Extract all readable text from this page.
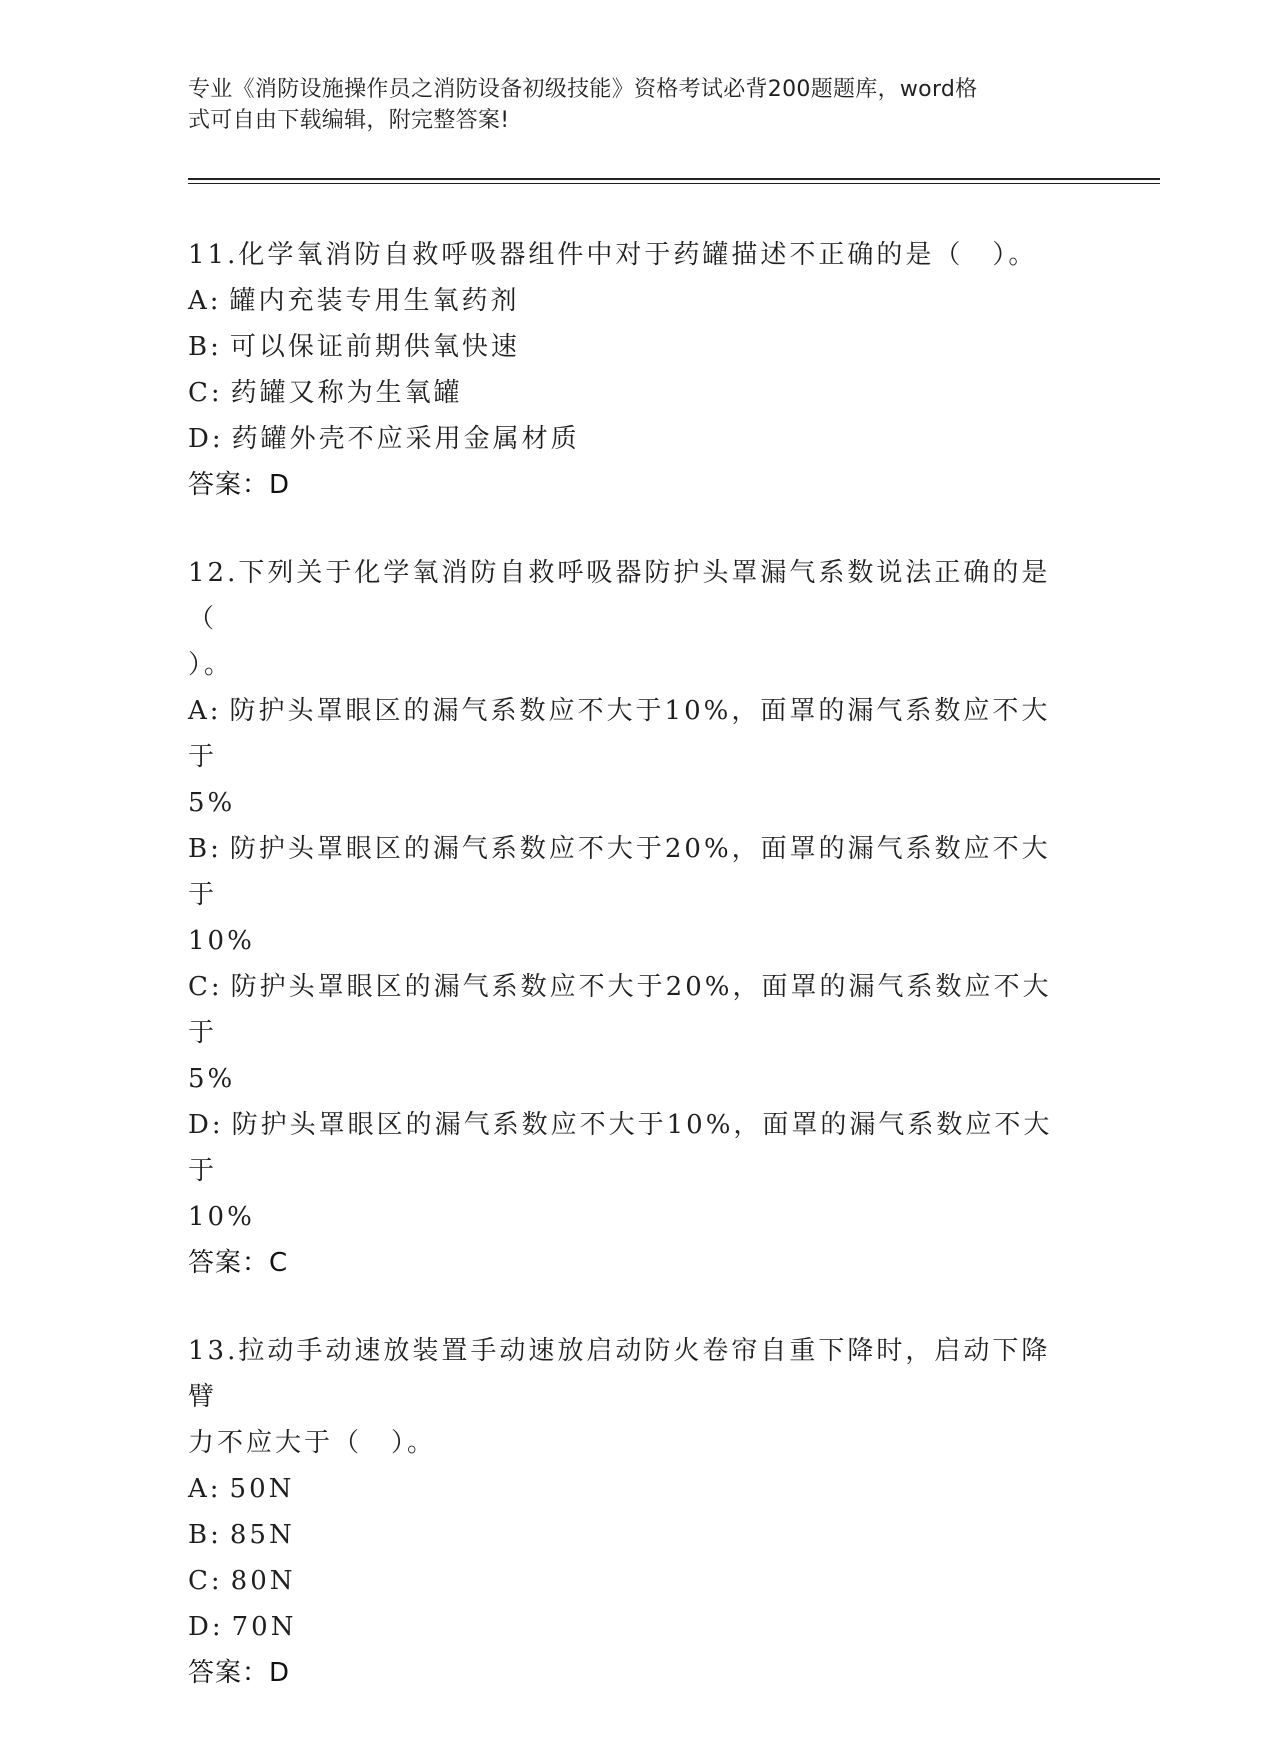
专业《消防设施操作员之消防设备初级技能》资格考试必背200题题库，word格
式可自由下载编辑，附完整答案!
11.化学氧消防自救呼吸器组件中对于药罐描述不正确的是（　）。
A: 罐内充装专用生氧药剂
B: 可以保证前期供氧快速
C: 药罐又称为生氧罐
D: 药罐外壳不应采用金属材质
答案：D
12.下列关于化学氧消防自救呼吸器防护头罩漏气系数说法正确的是（
）。
A: 防护头罩眼区的漏气系数应不大于10%，面罩的漏气系数应不大于
5%
B: 防护头罩眼区的漏气系数应不大于20%，面罩的漏气系数应不大于
10%
C: 防护头罩眼区的漏气系数应不大于20%，面罩的漏气系数应不大于
5%
D: 防护头罩眼区的漏气系数应不大于10%，面罩的漏气系数应不大于
10%
答案：C
13.拉动手动速放装置手动速放启动防火卷帘自重下降时，启动下降臂
力不应大于（　）。
A: 50N
B: 85N
C: 80N
D: 70N
答案：D
